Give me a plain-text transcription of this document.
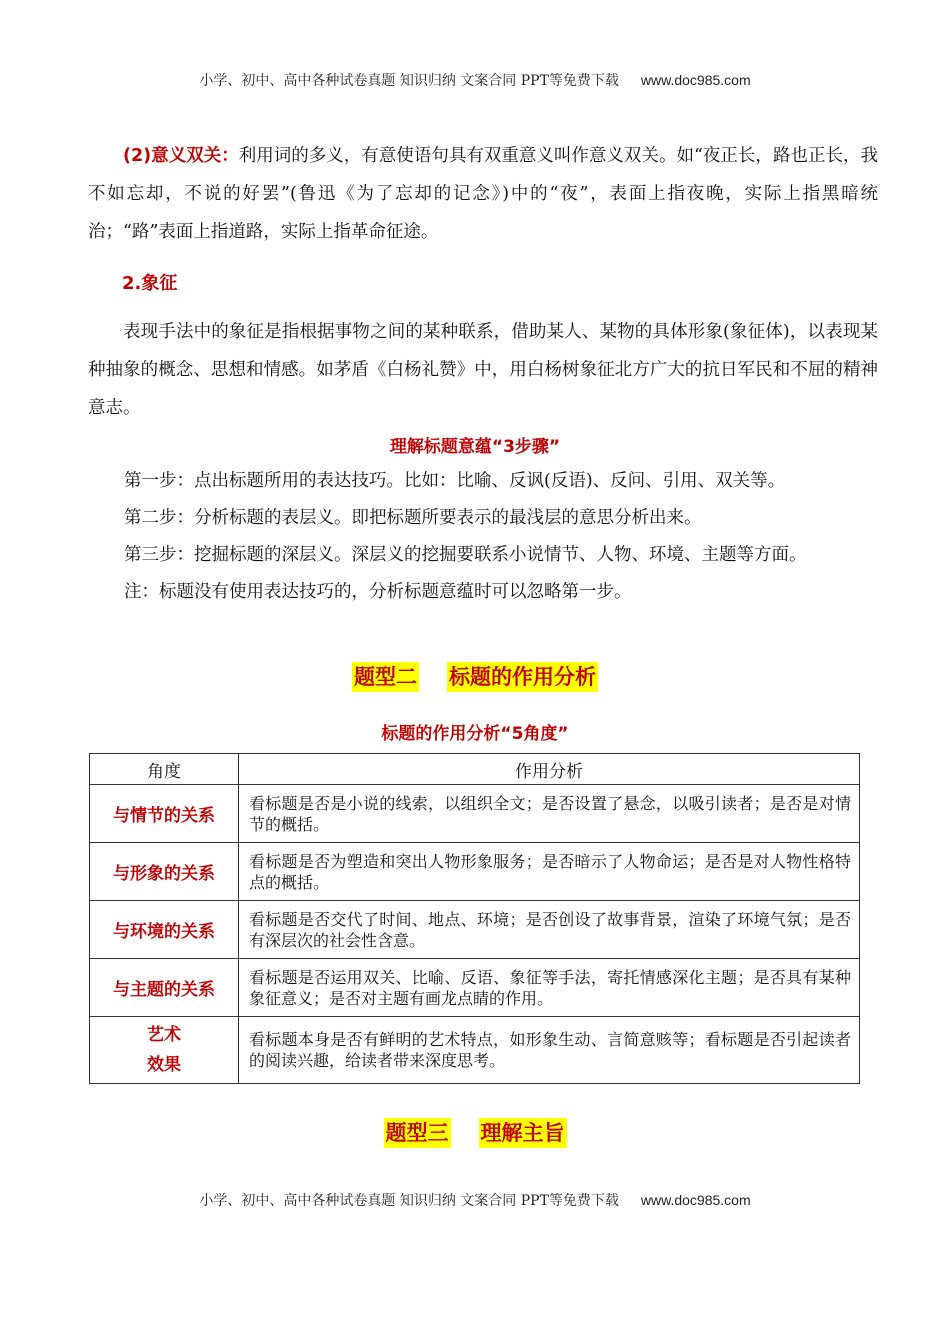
小学、初中、高中各种试卷真题 知识归纳 文案合同 PPT等免费下载 www.doc985.com
(2)意义双关：利用词的多义，有意使语句具有双重意义叫作意义双关。如“夜正长，路也正长，我不如忘却，不说的好罢”(鲁迅《为了忘却的记念》)中的“夜”，表面上指夜晚，实际上指黑暗统治；“路”表面上指道路，实际上指革命征途。
2.象征
表现手法中的象征是指根据事物之间的某种联系，借助某人、某物的具体形象(象征体)，以表现某种抽象的概念、思想和情感。如茅盾《白杨礼赞》中，用白杨树象征北方广大的抗日军民和不屈的精神意志。
理解标题意蕴“3步骤”
第一步：点出标题所用的表达技巧。比如：比喻、反讽(反语)、反问、引用、双关等。
第二步：分析标题的表层义。即把标题所要表示的最浅层的意思分析出来。
第三步：挖掘标题的深层义。深层义的挖掘要联系小说情节、人物、环境、主题等方面。
注：标题没有使用表达技巧的，分析标题意蕴时可以忽略第一步。
题型二 标题的作用分析
标题的作用分析“5角度”
角度	作用分析
与情节的关系	看标题是否是小说的线索，以组织全文；是否设置了悬念，以吸引读者；是否是对情节的概括。
与形象的关系	看标题是否为塑造和突出人物形象服务；是否暗示了人物命运；是否是对人物性格特点的概括。
与环境的关系	看标题是否交代了时间、地点、环境；是否创设了故事背景，渲染了环境气氛；是否有深层次的社会性含意。
与主题的关系	看标题是否运用双关、比喻、反语、象征等手法，寄托情感深化主题；是否具有某种象征意义；是否对主题有画龙点睛的作用。

艺术
效果	看标题本身是否有鲜明的艺术特点，如形象生动、言简意赅等；看标题是否引起读者的阅读兴趣，给读者带来深度思考。
题型三 理解主旨
小学、初中、高中各种试卷真题 知识归纳 文案合同 PPT等免费下载 www.doc985.com
